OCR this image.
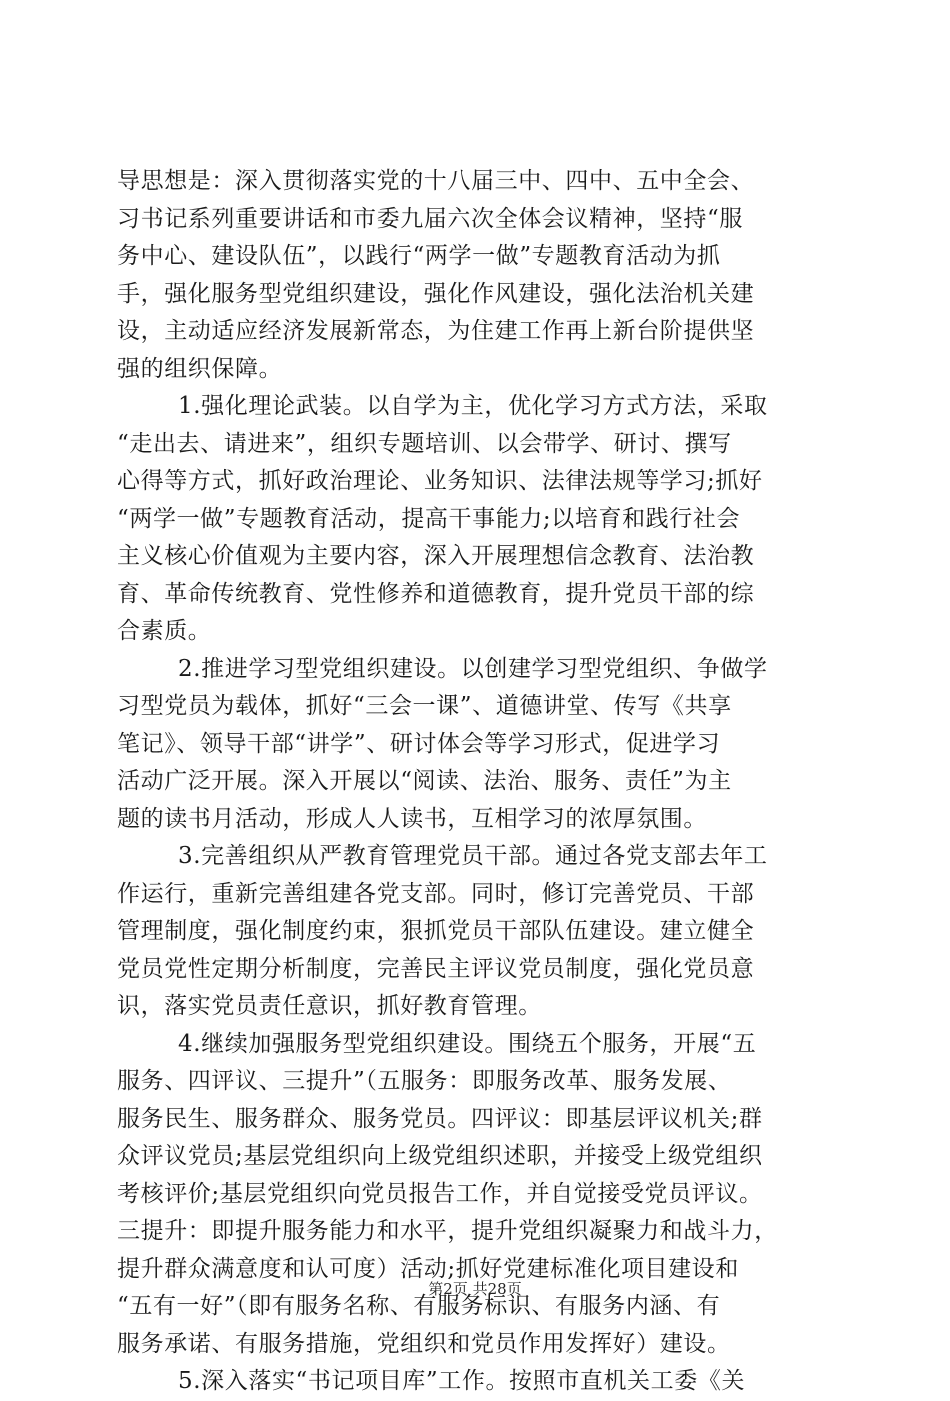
导思想是：深入贯彻落实党的十八届三中、四中、五中全会、
习书记系列重要讲话和市委九届六次全体会议精神，坚持“服
务中心、建设队伍”，以践行“两学一做”专题教育活动为抓
手，强化服务型党组织建设，强化作风建设，强化法治机关建
设，主动适应经济发展新常态，为住建工作再上新台阶提供坚
强的组织保障。
1.强化理论武装。以自学为主，优化学习方式方法，采取
“走出去、请进来”，组织专题培训、以会带学、研讨、撰写
心得等方式，抓好政治理论、业务知识、法律法规等学习;抓好
“两学一做”专题教育活动，提高干事能力;以培育和践行社会
主义核心价值观为主要内容，深入开展理想信念教育、法治教
育、革命传统教育、党性修养和道德教育，提升党员干部的综
合素质。
2.推进学习型党组织建设。以创建学习型党组织、争做学
习型党员为载体，抓好“三会一课”、道德讲堂、传写《共享
笔记》、领导干部“讲学”、研讨体会等学习形式，促进学习
活动广泛开展。深入开展以“阅读、法治、服务、责任”为主
题的读书月活动，形成人人读书，互相学习的浓厚氛围。
3.完善组织从严教育管理党员干部。通过各党支部去年工
作运行，重新完善组建各党支部。同时，修订完善党员、干部
管理制度，强化制度约束，狠抓党员干部队伍建设。建立健全
党员党性定期分析制度，完善民主评议党员制度，强化党员意
识，落实党员责任意识，抓好教育管理。
4.继续加强服务型党组织建设。围绕五个服务，开展“五
服务、四评议、三提升”（五服务：即服务改革、服务发展、
服务民生、服务群众、服务党员。四评议：即基层评议机关;群
众评议党员;基层党组织向上级党组织述职，并接受上级党组织
考核评价;基层党组织向党员报告工作，并自觉接受党员评议。
三提升：即提升服务能力和水平，提升党组织凝聚力和战斗力，
提升群众满意度和认可度）活动;抓好党建标准化项目建设和
“五有一好”（即有服务名称、有服务标识、有服务内涵、有
服务承诺、有服务措施，党组织和党员作用发挥好）建设。
5.深入落实“书记项目库”工作。按照市直机关工委《关
第2页 共28页
